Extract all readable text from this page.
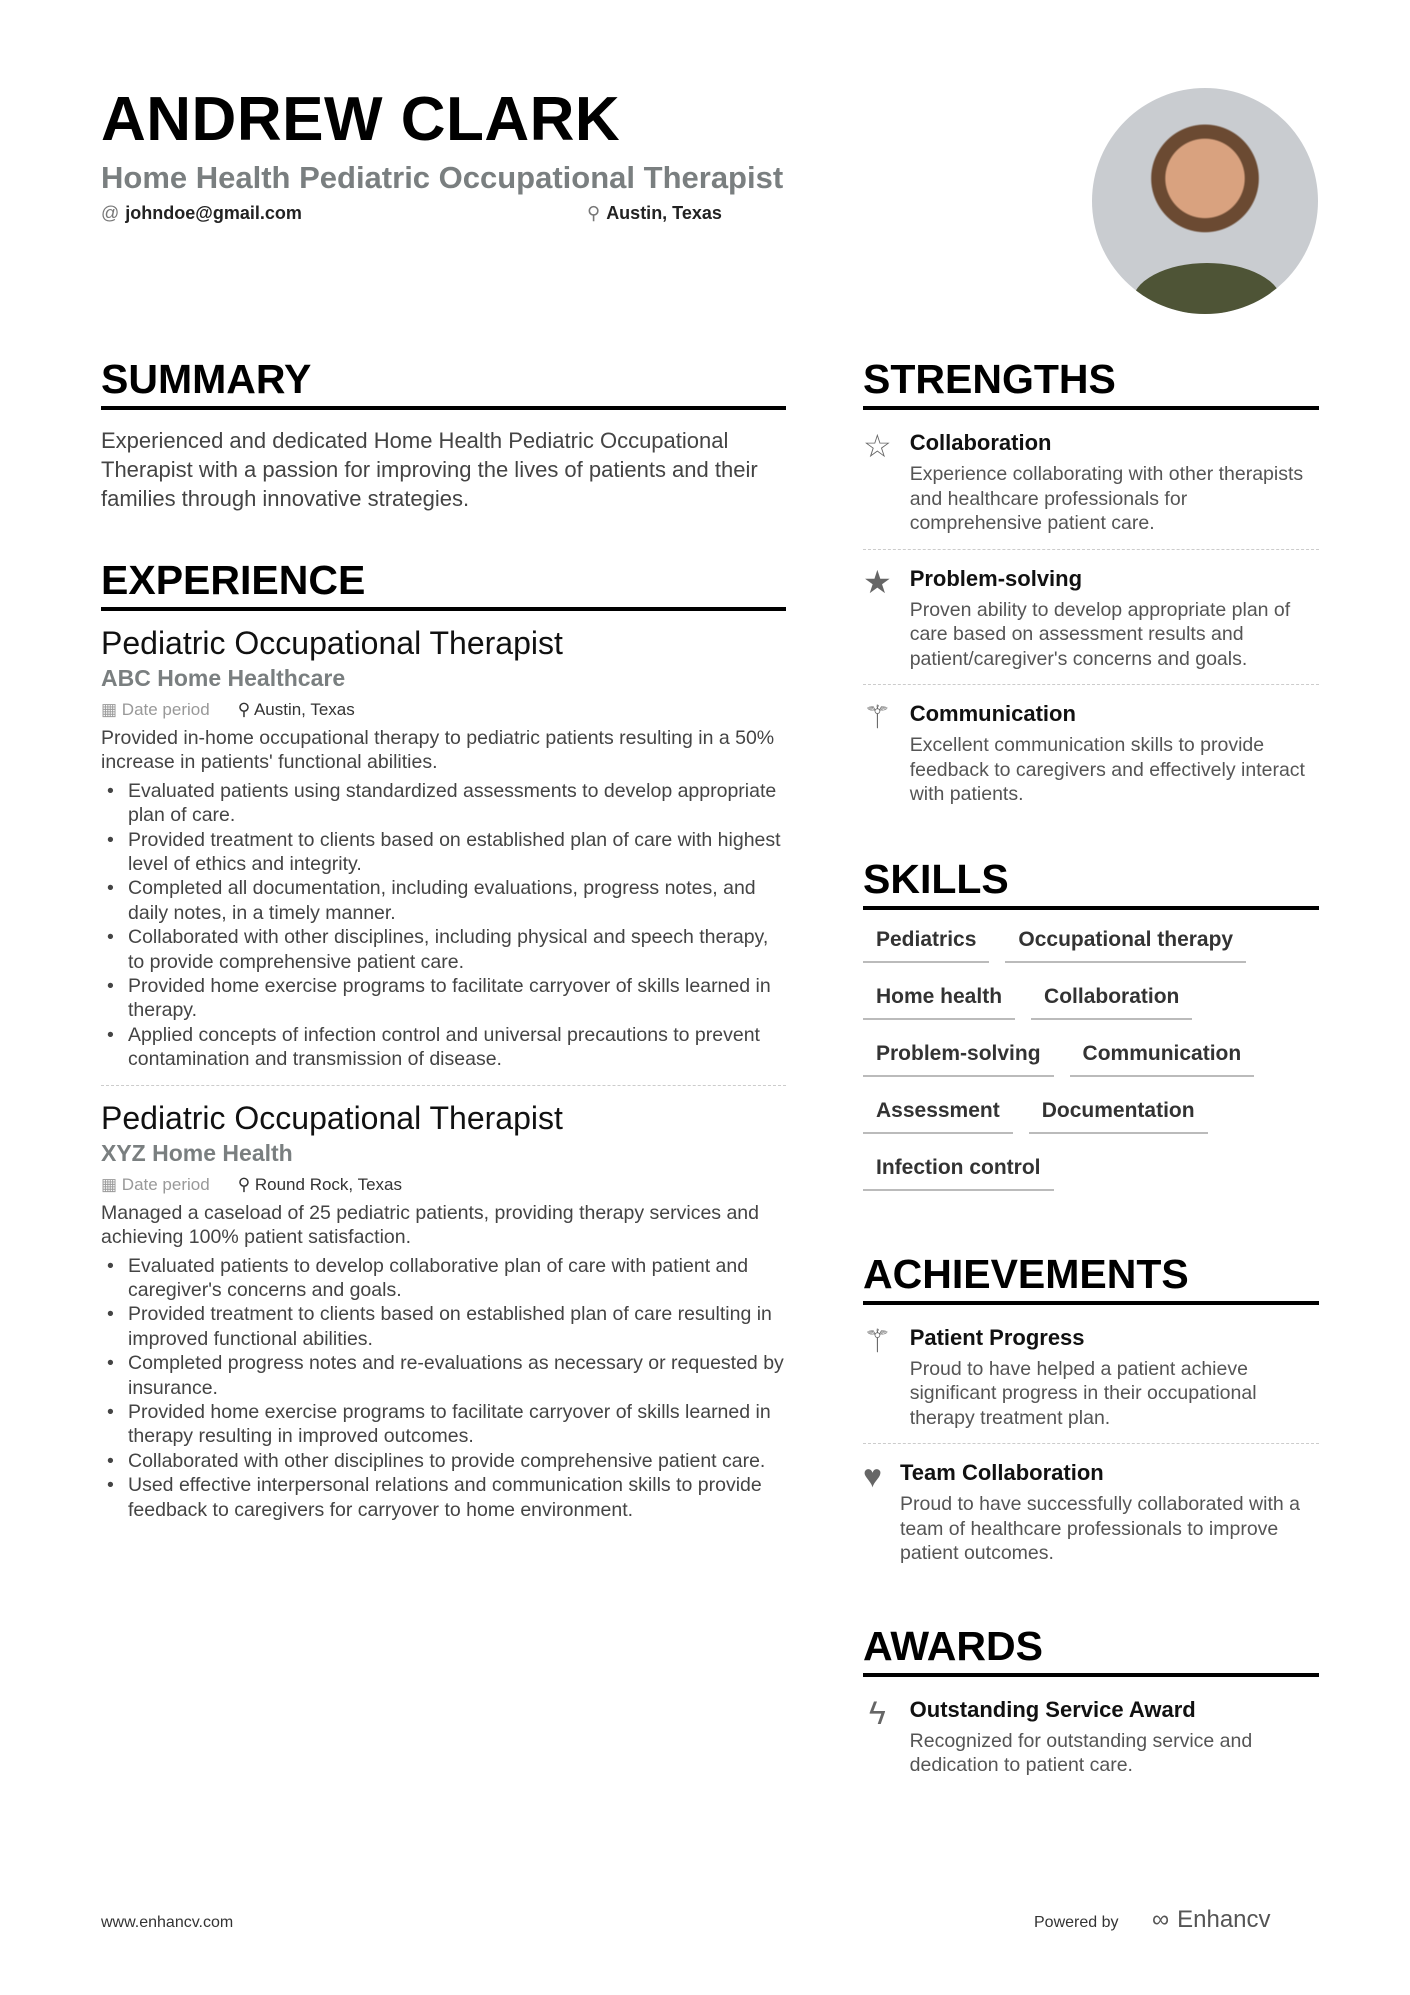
ANDREW CLARK
Home Health Pediatric Occupational Therapist
@ johndoe@gmail.com	⚲ Austin, Texas
SUMMARY
Experienced and dedicated Home Health Pediatric Occupational Therapist with a passion for improving the lives of patients and their families through innovative strategies.
EXPERIENCE
Pediatric Occupational Therapist
ABC Home Healthcare
▦ Date period ⚲ Austin, Texas
Provided in-home occupational therapy to pediatric patients resulting in a 50% increase in patients' functional abilities.
• Evaluated patients using standardized assessments to develop appropriate plan of care.
• Provided treatment to clients based on established plan of care with highest level of ethics and integrity.
• Completed all documentation, including evaluations, progress notes, and daily notes, in a timely manner.
• Collaborated with other disciplines, including physical and speech therapy, to provide comprehensive patient care.
• Provided home exercise programs to facilitate carryover of skills learned in therapy.
• Applied concepts of infection control and universal precautions to prevent contamination and transmission of disease.
Pediatric Occupational Therapist
XYZ Home Health
▦ Date period ⚲ Round Rock, Texas
Managed a caseload of 25 pediatric patients, providing therapy services and achieving 100% patient satisfaction.
• Evaluated patients to develop collaborative plan of care with patient and caregiver's concerns and goals.
• Provided treatment to clients based on established plan of care resulting in improved functional abilities.
• Completed progress notes and re-evaluations as necessary or requested by insurance.
• Provided home exercise programs to facilitate carryover of skills learned in therapy resulting in improved outcomes.
• Collaborated with other disciplines to provide comprehensive patient care.
• Used effective interpersonal relations and communication skills to provide feedback to caregivers for carryover to home environment.
STRENGTHS
☆ Collaboration
Experience collaborating with other therapists and healthcare professionals for comprehensive patient care.
★ Problem-solving
Proven ability to develop appropriate plan of care based on assessment results and patient/caregiver's concerns and goals.
⚚ Communication
Excellent communication skills to provide feedback to caregivers and effectively interact with patients.
SKILLS
Pediatrics	Occupational therapy
Home health	Collaboration
Problem-solving	Communication
Assessment	Documentation
Infection control
ACHIEVEMENTS
⚚ Patient Progress
Proud to have helped a patient achieve significant progress in their occupational therapy treatment plan.
♥ Team Collaboration
Proud to have successfully collaborated with a team of healthcare professionals to improve patient outcomes.
AWARDS
ϟ Outstanding Service Award
Recognized for outstanding service and dedication to patient care.
www.enhancv.com	Powered by ∞ Enhancv
